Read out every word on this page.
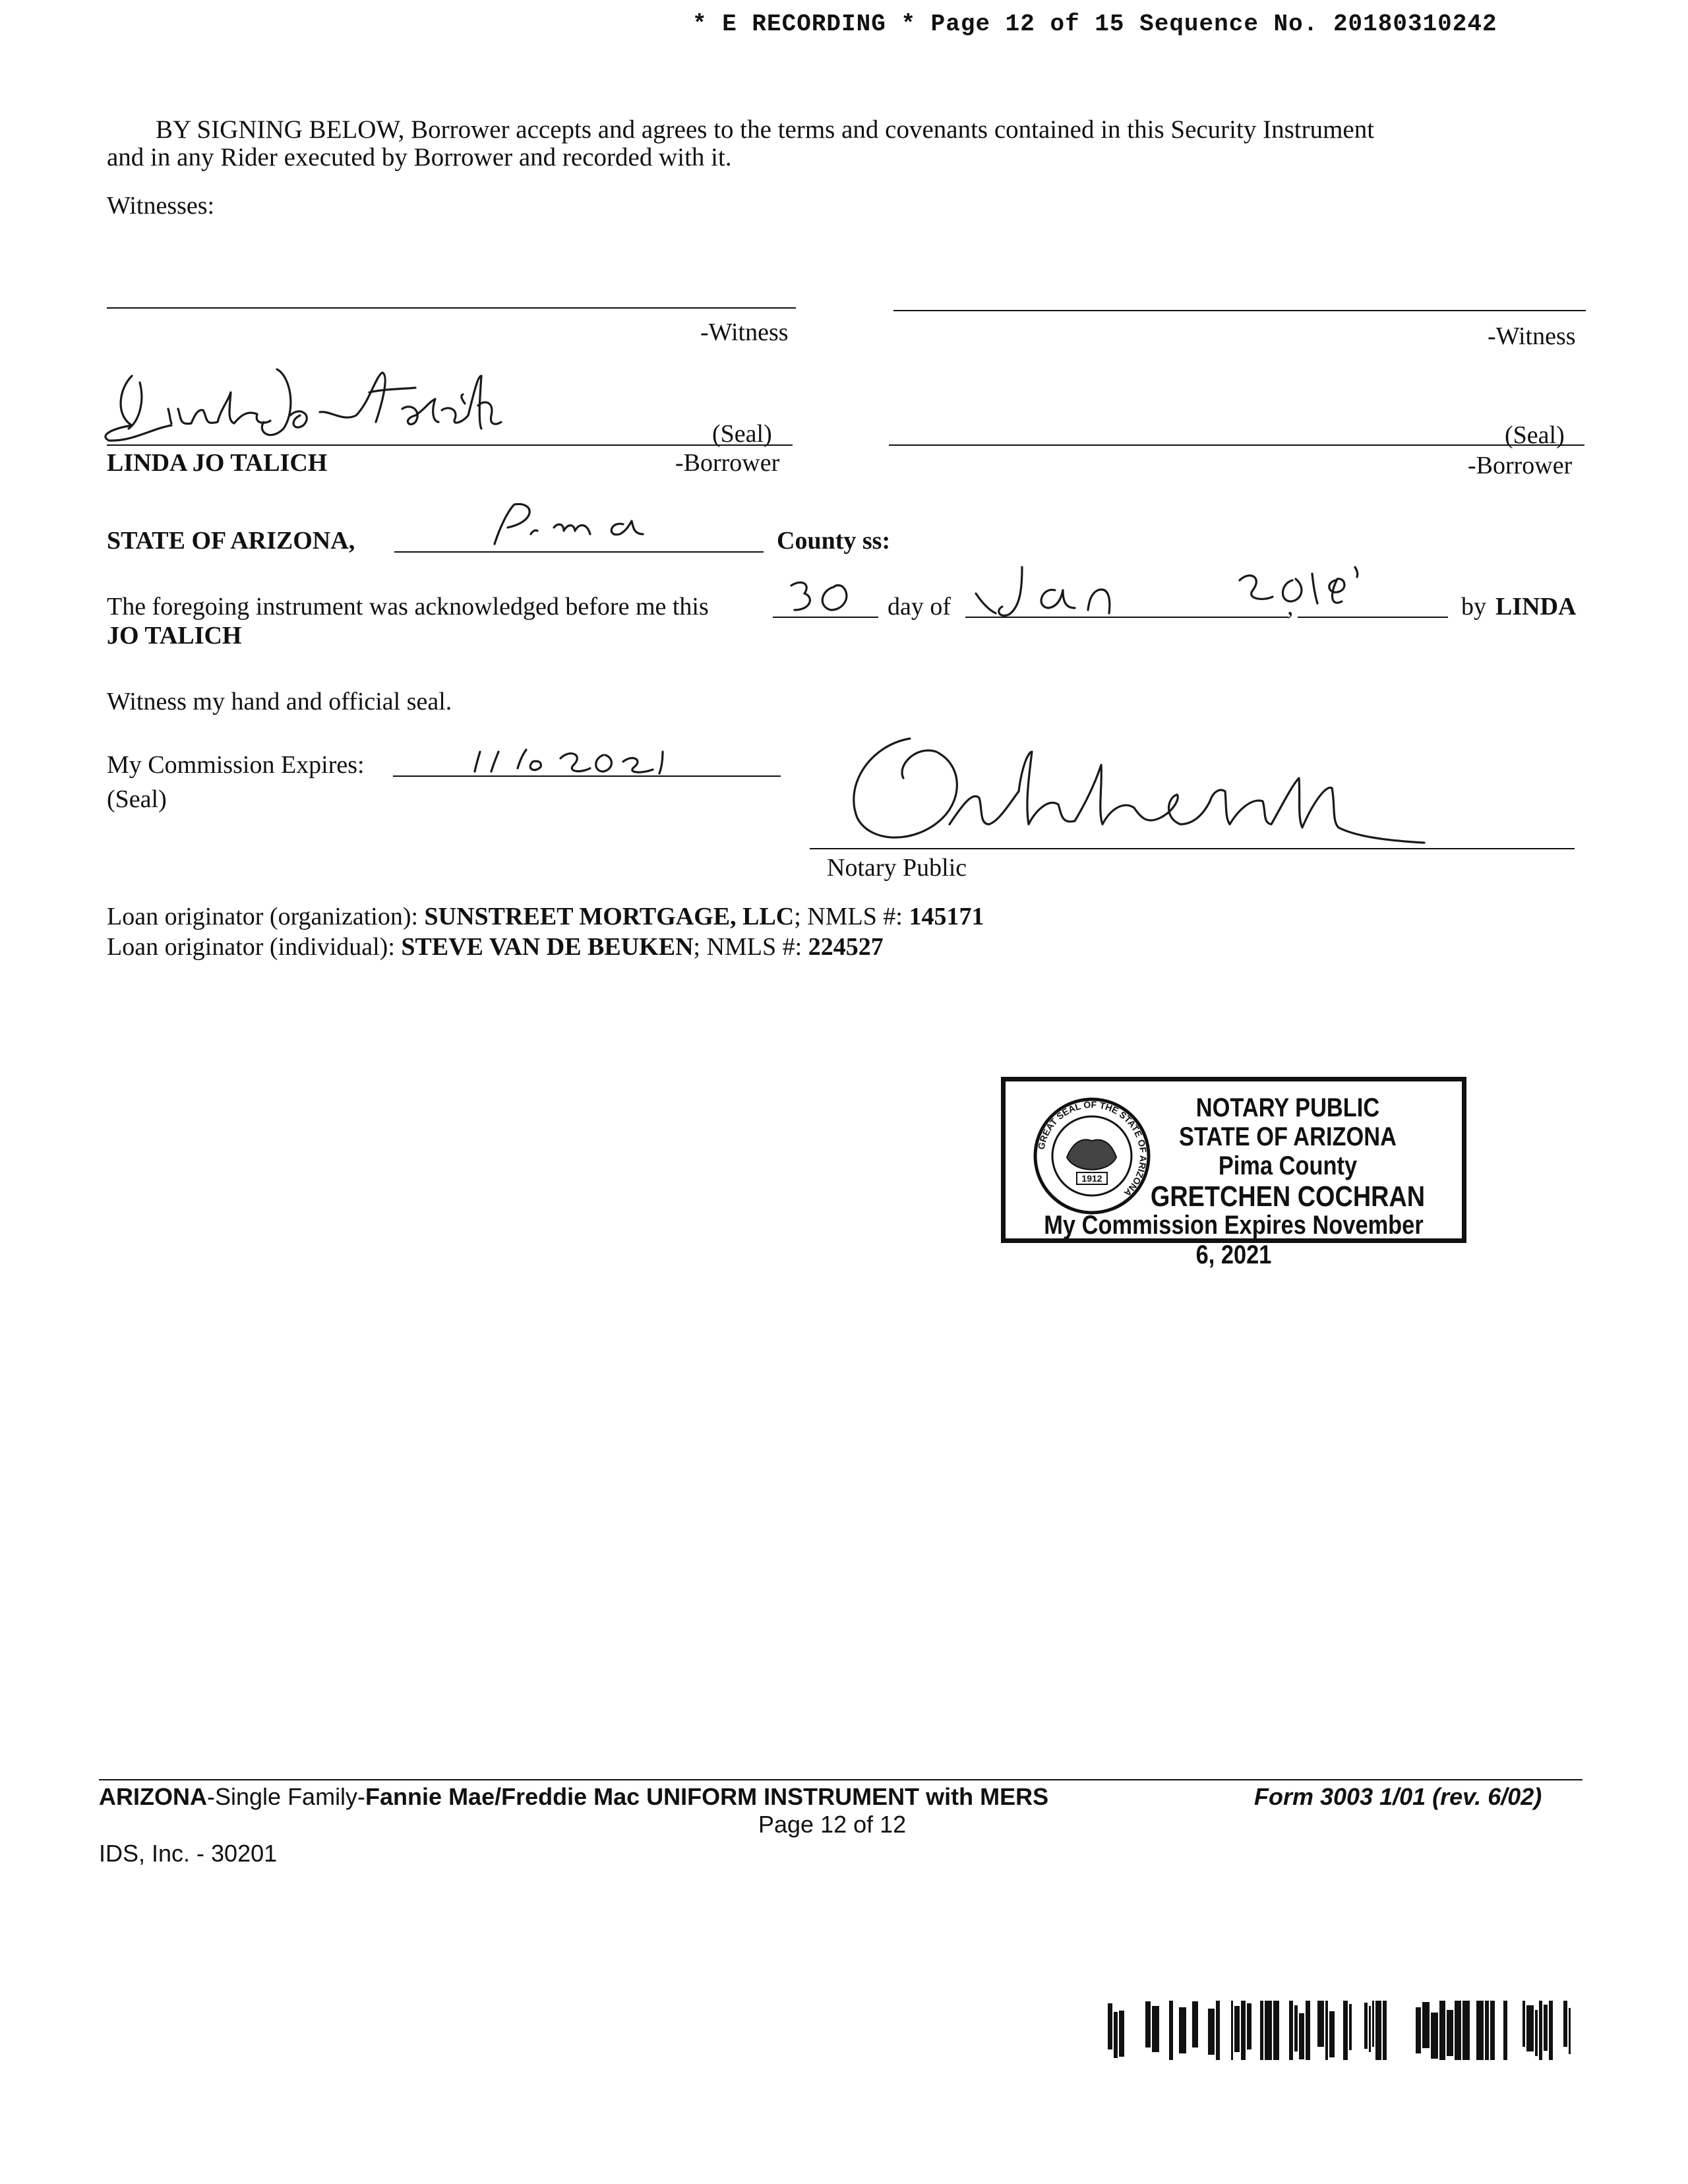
* E RECORDING * Page 12 of 15 Sequence No. 20180310242
BY SIGNING BELOW, Borrower accepts and agrees to the terms and covenants contained in this Security Instrument
and in any Rider executed by Borrower and recorded with it.
Witnesses:
-Witness	-Witness
(Seal)
LINDA JO TALICH	-Borrower
(Seal)
-Borrower
STATE OF ARIZONA,	County ss:
The foregoing instrument was acknowledged before me this	day of	,	by LINDA
JO TALICH
Witness my hand and official seal.
My Commission Expires:
(Seal)
Notary Public
Loan originator (organization): SUNSTREET MORTGAGE, LLC; NMLS #: 145171
Loan originator (individual): STEVE VAN DE BEUKEN; NMLS #: 224527
1912
GREAT SEAL OF THE STATE OF ARIZONA
NOTARY PUBLIC
STATE OF ARIZONA
Pima County
GRETCHEN COCHRAN
My Commission Expires November 6, 2021
ARIZONA-Single Family-Fannie Mae/Freddie Mac UNIFORM INSTRUMENT with MERS	Form 3003 1/01 (rev. 6/02)
Page 12 of 12
IDS, Inc. - 30201
